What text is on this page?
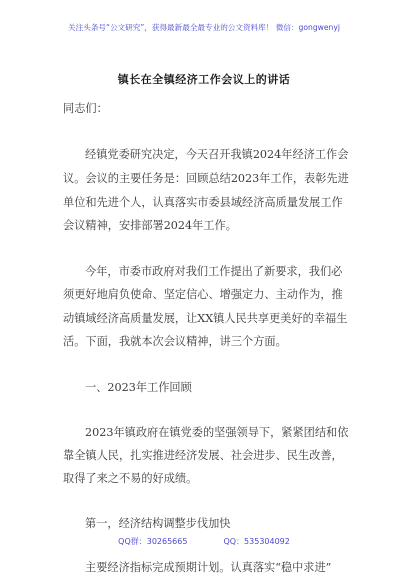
关注头条号“公文研究”，获得最新最全最专业的公文资料库！ 微信：gongwenyj
镇长在全镇经济工作会议上的讲话
同志们：
经镇党委研究决定，今天召开我镇2024年经济工作会
议。会议的主要任务是：回顾总结2023年工作，表彰先进
单位和先进个人，认真落实市委县域经济高质量发展工作
会议精神，安排部署2024年工作。
今年，市委市政府对我们工作提出了新要求，我们必
须更好地肩负使命、坚定信心、增强定力、主动作为，推
动镇域经济高质量发展，让XX镇人民共享更美好的幸福生
活。下面，我就本次会议精神，讲三个方面。
一、2023年工作回顾
2023年镇政府在镇党委的坚强领导下，紧紧团结和依
靠全镇人民，扎实推进经济发展、社会进步、民生改善，
取得了来之不易的好成绩。
第一，经济结构调整步伐加快
主要经济指标完成预期计划。认真落实“稳中求进”
QQ群：30265665	QQ：535304092
